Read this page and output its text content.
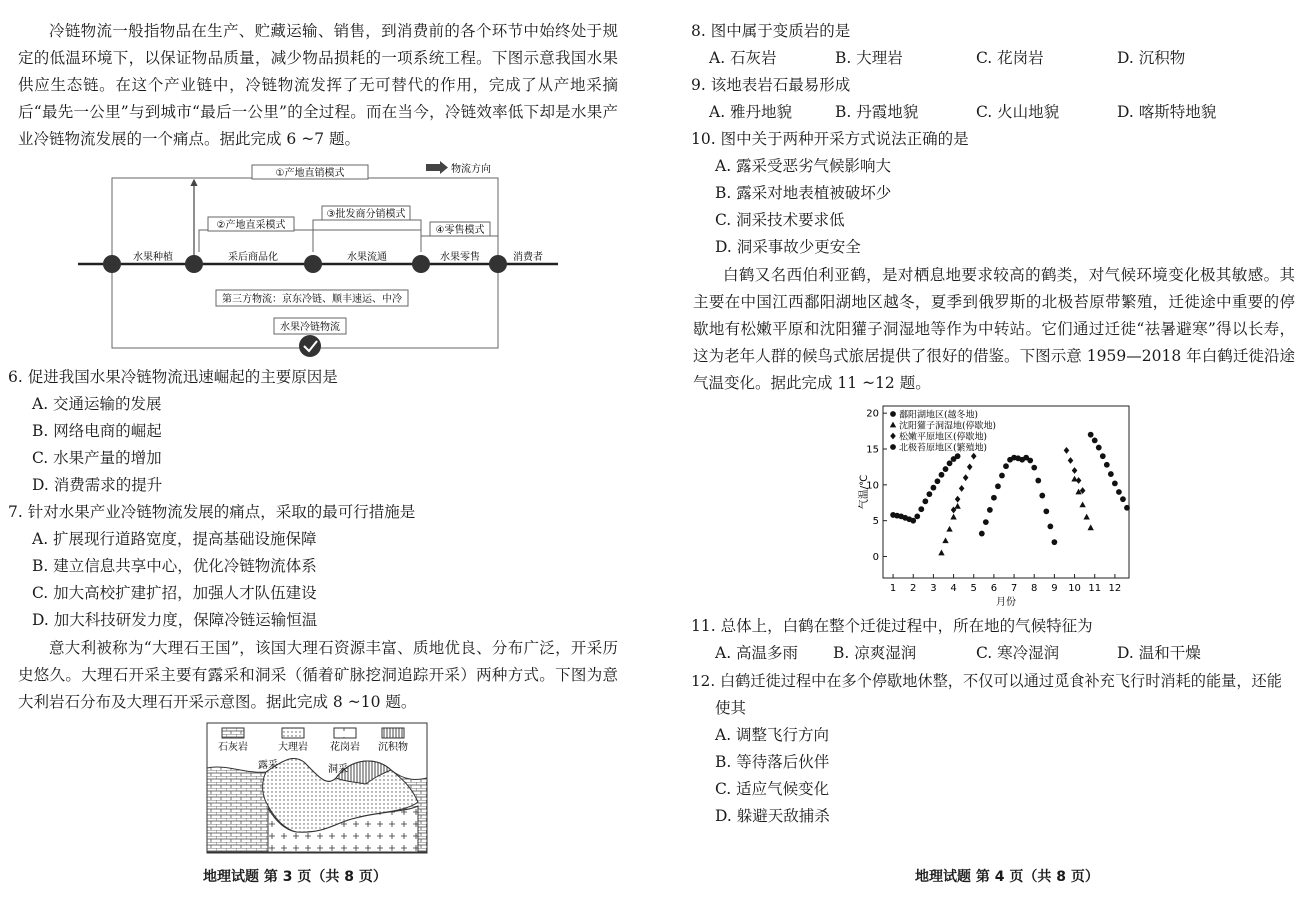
冷链物流一般指物品在生产、贮藏运输、销售，到消费前的各个环节中始终处于规定的低温环境下，以保证物品质量，减少物品损耗的一项系统工程。下图示意我国水果供应生态链。在这个产业链中，冷链物流发挥了无可替代的作用，完成了从产地采摘后“最先一公里”与到城市“最后一公里”的全过程。而在当今，冷链效率低下却是水果产业冷链物流发展的一个痛点。据此完成 6 ~7 题。
①产地直销模式	物流方向
②产地直采模式
③批发商分销模式
④零售模式
水果种植	采后商品化	水果流通	水果零售	消费者
第三方物流：京东冷链、顺丰速运、中冷
水果冷链物流
6. 促进我国水果冷链物流迅速崛起的主要原因是
A. 交通运输的发展
B. 网络电商的崛起
C. 水果产量的增加
D. 消费需求的提升
7. 针对水果产业冷链物流发展的痛点，采取的最可行措施是
A. 扩展现行道路宽度，提高基础设施保障
B. 建立信息共享中心，优化冷链物流体系
C. 加大高校扩建扩招，加强人才队伍建设
D. 加大科技研发力度，保障冷链运输恒温
意大利被称为“大理石王国”，该国大理石资源丰富、质地优良、分布广泛，开采历史悠久。大理石开采主要有露采和洞采（循着矿脉挖洞追踪开采）两种方式。下图为意大利岩石分布及大理石开采示意图。据此完成 8 ~10 题。
石灰岩	大理岩 花岗岩 沉积物
露采	洞采
地理试题 第 3 页（共 8 页）
8. 图中属于变质岩的是
A. 石灰岩	B. 大理岩	C. 花岗岩	D. 沉积物
9. 该地表岩石最易形成
A. 雅丹地貌	B. 丹霞地貌	C. 火山地貌	D. 喀斯特地貌
10. 图中关于两种开采方式说法正确的是
A. 露采受恶劣气候影响大
B. 露采对地表植被破坏少
C. 洞采技术要求低
D. 洞采事故少更安全
白鹤又名西伯利亚鹤，是对栖息地要求较高的鹤类，对气候环境变化极其敏感。其主要在中国江西鄱阳湖地区越冬，夏季到俄罗斯的北极苔原带繁殖，迁徙途中重要的停歇地有松嫩平原和沈阳獾子洞湿地等作为中转站。它们通过迁徙“祛暑避寒”得以长寿，这为老年人群的候鸟式旅居提供了很好的借鉴。下图示意 1959—2018 年白鹤迁徙沿途气温变化。据此完成 11 ~12 题。
0
5
10
15
20
1 2 3 4 5 6 7 8 9 10 11 12
气温/℃
月份
鄱阳湖地区(越冬地)
沈阳獾子洞湿地(停歇地)
松嫩平原地区(停歇地)
北极苔原地区(繁殖地)
11. 总体上，白鹤在整个迁徙过程中，所在地的气候特征为
A. 高温多雨 B. 凉爽湿润	C. 寒冷湿润	D. 温和干燥
12. 白鹤迁徙过程中在多个停歇地休整，不仅可以通过觅食补充飞行时消耗的能量，还能
使其
A. 调整飞行方向
B. 等待落后伙伴
C. 适应气候变化
D. 躲避天敌捕杀
地理试题 第 4 页（共 8 页）
